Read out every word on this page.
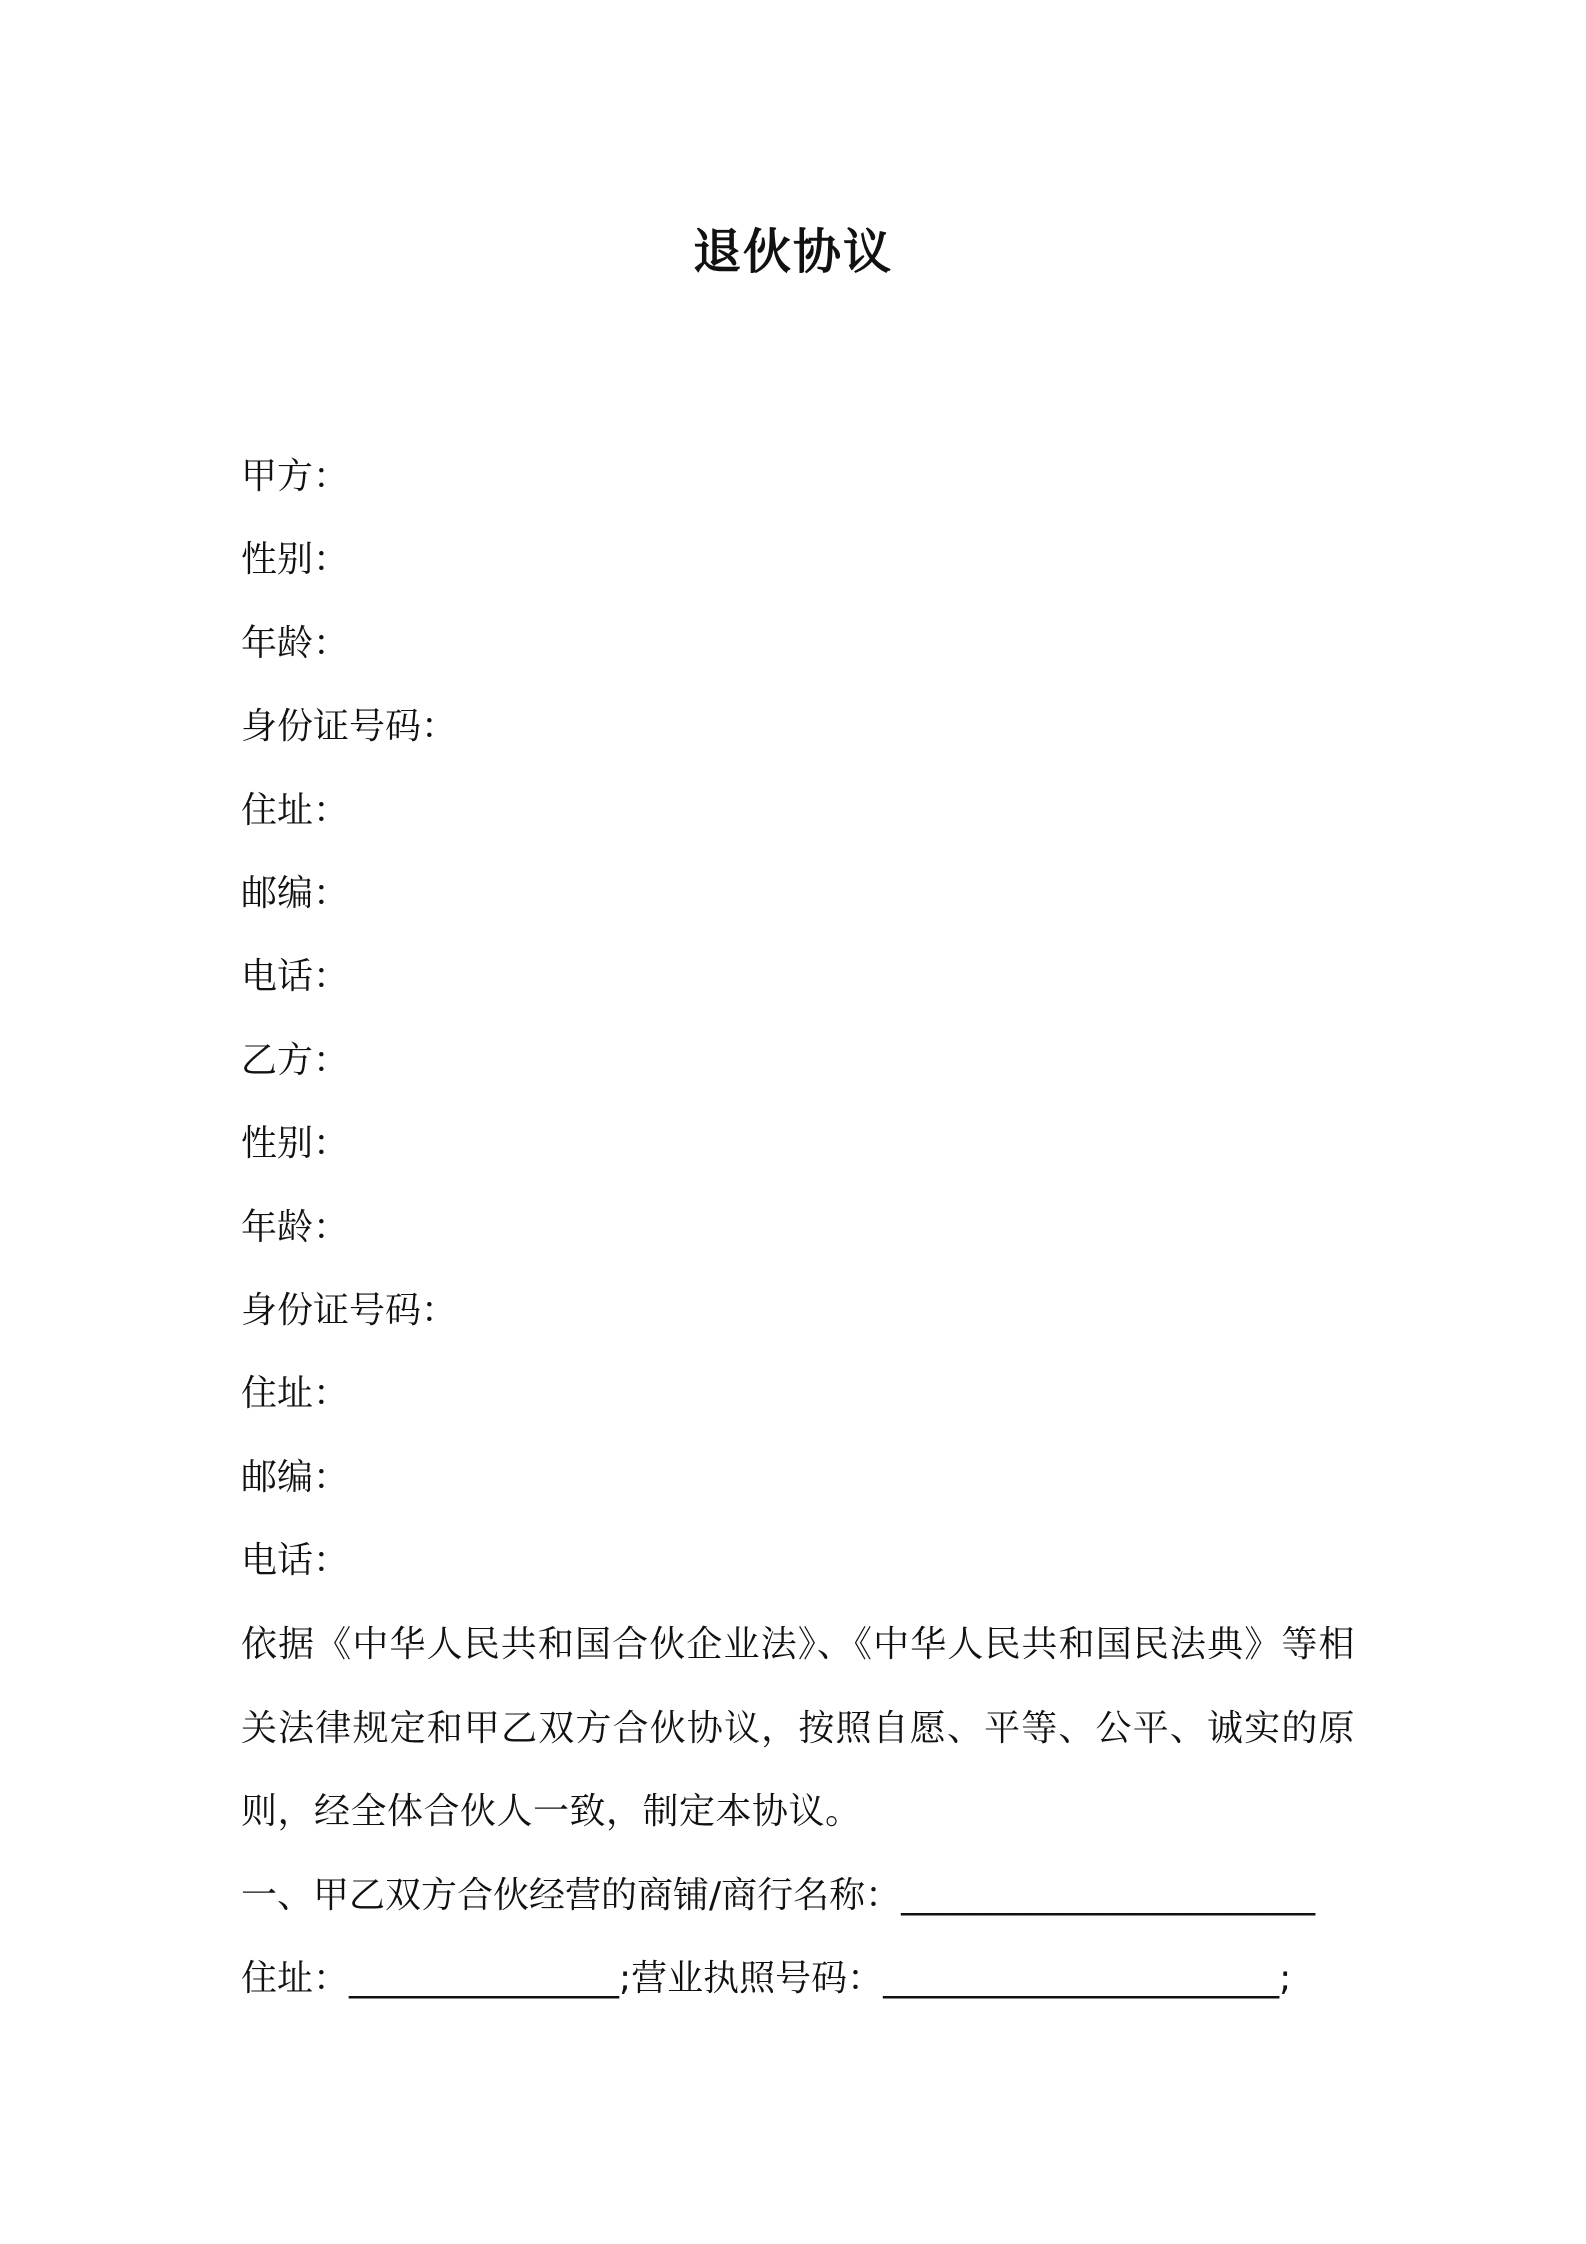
退伙协议
甲方：
性别：
年龄：
身份证号码：
住址：
邮编：
电话：
乙方：
性别：
年龄：
身份证号码：
住址：
邮编：
电话：
依据《中华人民共和国合伙企业法》、《中华人民共和国民法典》等相关法律规定和甲乙双方合伙协议，按照自愿、平等、公平、诚实的原则，经全体合伙人一致，制定本协议。
一、甲乙双方合伙经营的商铺/商行名称：_______________________
住址：_______________;营业执照号码：______________________;
